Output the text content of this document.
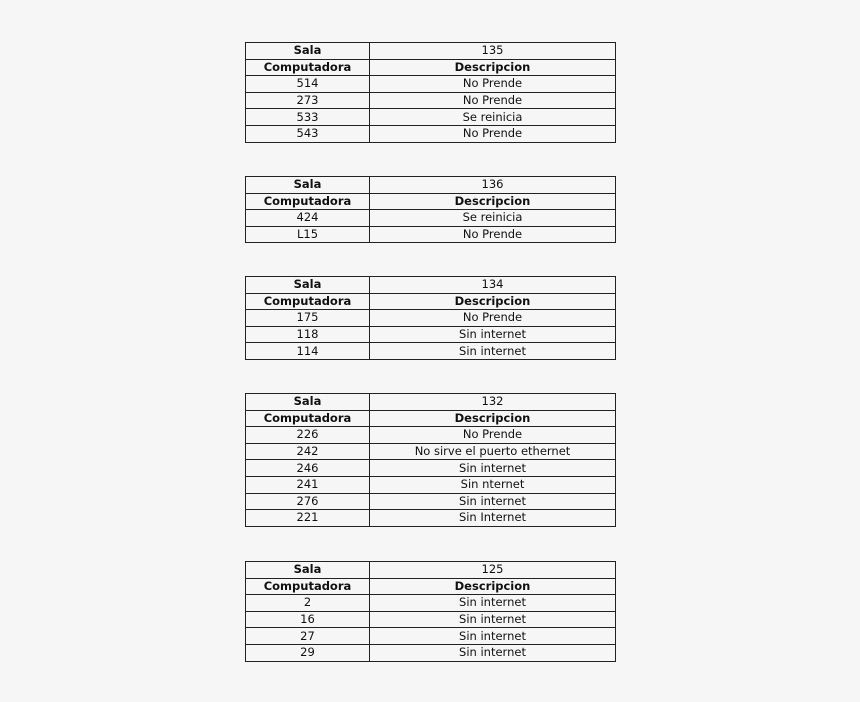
Sala	135
Computadora	Descripcion
514	No Prende
273	No Prende
533	Se reinicia
543	No Prende
Sala	136
Computadora	Descripcion
424	Se reinicia
L15	No Prende
Sala	134
Computadora	Descripcion
175	No Prende
118	Sin internet
114	Sin internet
Sala	132
Computadora	Descripcion
226	No Prende
242	No sirve el puerto ethernet
246	Sin internet
241	Sin nternet
276	Sin internet
221	Sin Internet
Sala	125
Computadora	Descripcion
2	Sin internet
16	Sin internet
27	Sin internet
29	Sin internet
